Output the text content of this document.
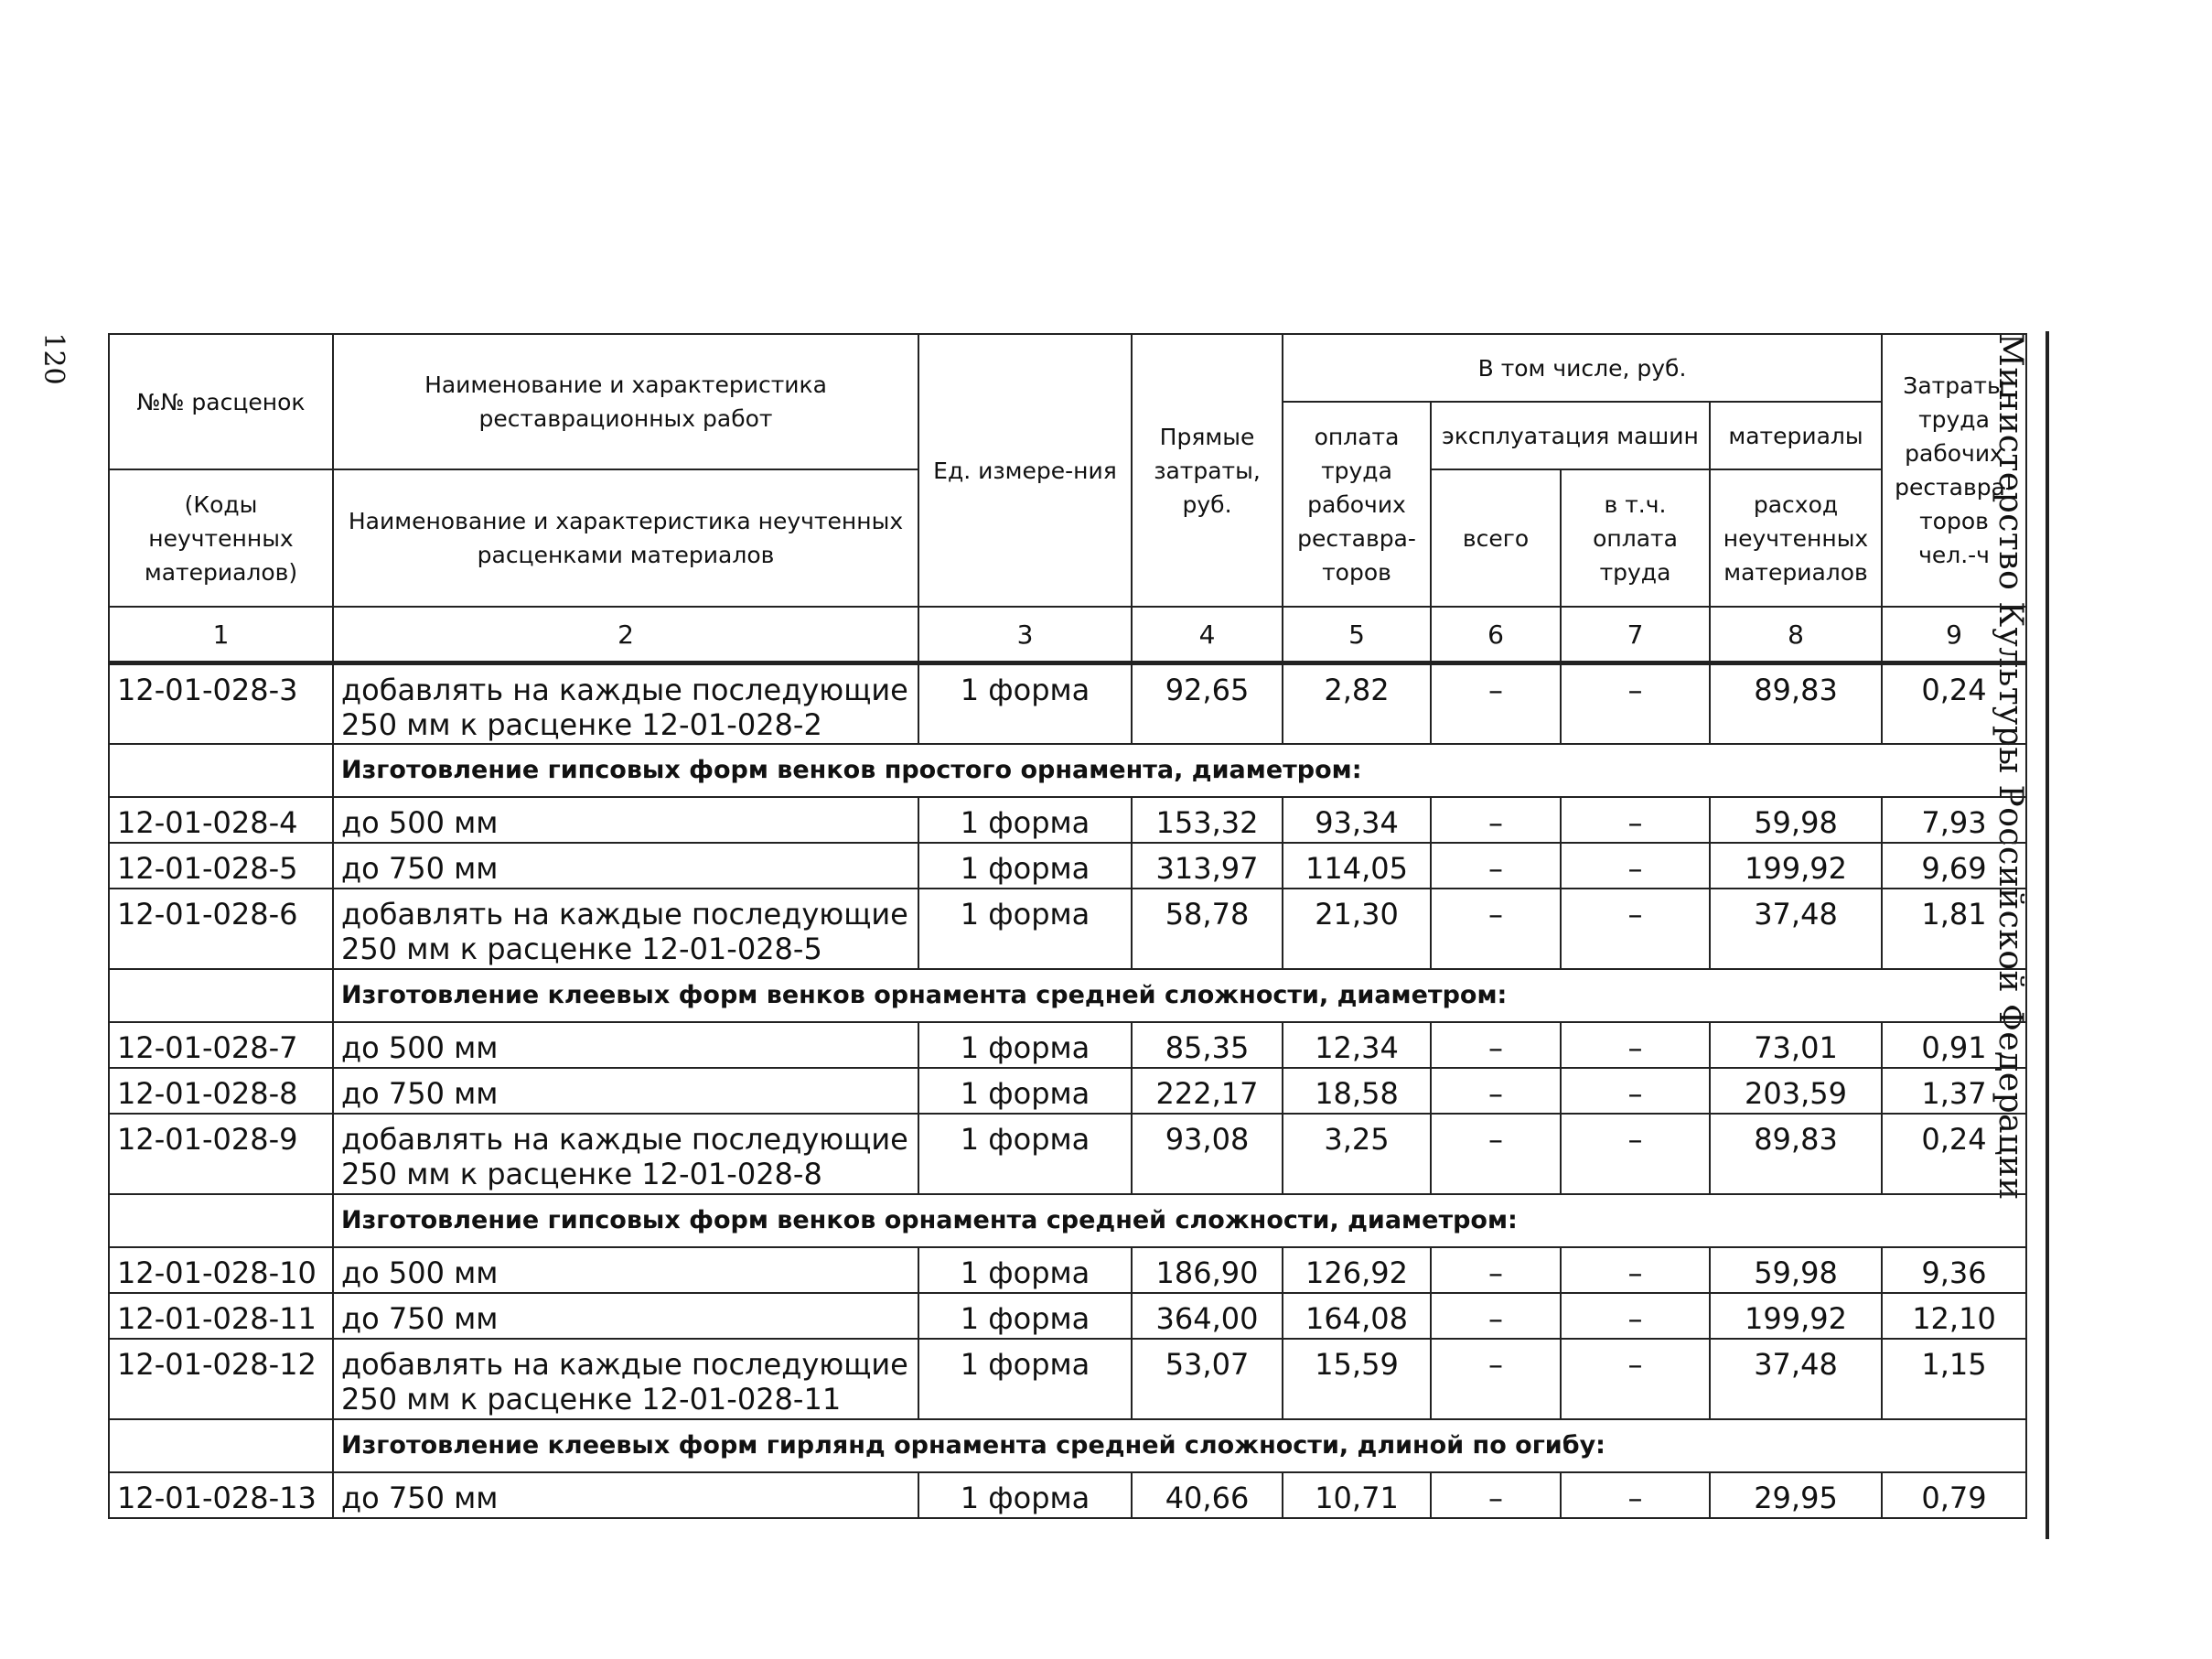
120	Министерство Культуры Российской Федерации
№№ расценок	Наименование и характеристика реставрационных работ	Ед. измере-ния	Прямые затраты, руб.	В том числе, руб.				Затраты труда рабочих реставра-торов чел.-ч
				оплата труда рабочих реставра-торов	эксплуатация машин		материалы	
(Коды неучтенных материалов)	Наименование и характеристика неучтенных расценками материалов				всего	в т.ч. оплата труда	расход неучтенных материалов	
1	2	3	4	5	6	7	8	9
12-01-028-3	добавлять на каждые последующие 250 мм к расценке 12-01-028-2	1 форма	92,65	2,82	–	–	89,83	0,24
	Изготовление гипсовых форм венков простого орнамента, диаметром:							
12-01-028-4	до 500 мм	1 форма	153,32	93,34	–	–	59,98	7,93
12-01-028-5	до 750 мм	1 форма	313,97	114,05	–	–	199,92	9,69
12-01-028-6	добавлять на каждые последующие 250 мм к расценке 12-01-028-5	1 форма	58,78	21,30	–	–	37,48	1,81
	Изготовление клеевых форм венков орнамента средней сложности, диаметром:							
12-01-028-7	до 500 мм	1 форма	85,35	12,34	–	–	73,01	0,91
12-01-028-8	до 750 мм	1 форма	222,17	18,58	–	–	203,59	1,37
12-01-028-9	добавлять на каждые последующие 250 мм к расценке 12-01-028-8	1 форма	93,08	3,25	–	–	89,83	0,24
	Изготовление гипсовых форм венков орнамента средней сложности, диаметром:							
12-01-028-10	до 500 мм	1 форма	186,90	126,92	–	–	59,98	9,36
12-01-028-11	до 750 мм	1 форма	364,00	164,08	–	–	199,92	12,10
12-01-028-12	добавлять на каждые последующие 250 мм к расценке 12-01-028-11	1 форма	53,07	15,59	–	–	37,48	1,15
	Изготовление клеевых форм гирлянд орнамента средней сложности, длиной по огибу:							
12-01-028-13	до 750 мм	1 форма	40,66	10,71	–	–	29,95	0,79
